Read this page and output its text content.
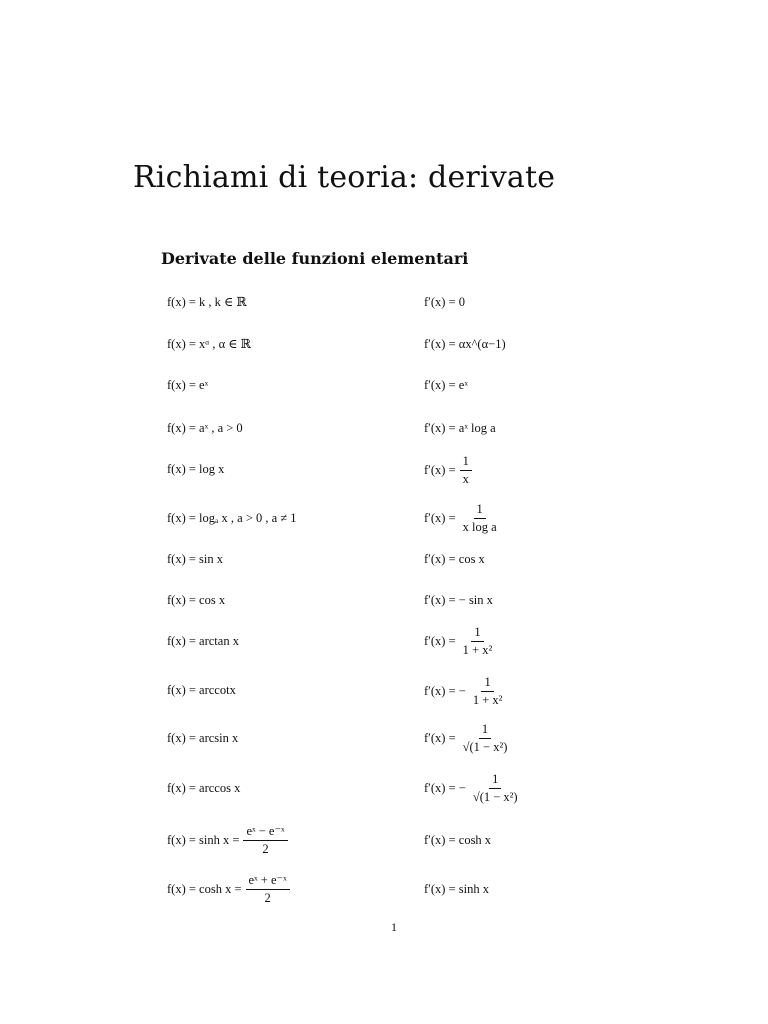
Richiami di teoria: derivate
Derivate delle funzioni elementari
f(x) = k , k ∈ ℝ	f′(x) = 0
f(x) = xᵅ , α ∈ ℝ	f′(x) = αx^(α−1)
f(x) = eˣ	f′(x) = eˣ
f(x) = aˣ , a > 0	f′(x) = aˣ log a
f(x) = log x	$f'(x) = \frac{1}{x}$
f(x) = logₐ x , a > 0 , a ≠ 1	$f'(x) = \frac{1}{\text{x log a}}$
f(x) = sin x	f′(x) = cos x
f(x) = cos x	f′(x) = − sin x
f(x) = arctan x	$f'(x) = \frac{1}{\text{1 + x²}}$
f(x) = arccotx	f′(x) = − $\frac{1}{\text{1 + x²}}$
f(x) = arcsin x	$f'(x) = \frac{1}{\text{√(1 − x²)}}$
f(x) = arccos x	f′(x) = − $\frac{1}{\text{√(1 − x²)}}$
$f(x) = \sinh x = \frac{\text{eˣ − e⁻ˣ}}{2}$	f′(x) = cosh x
$f(x) = \cosh x = \frac{\text{eˣ + e⁻ˣ}}{2}$	f′(x) = sinh x
1
